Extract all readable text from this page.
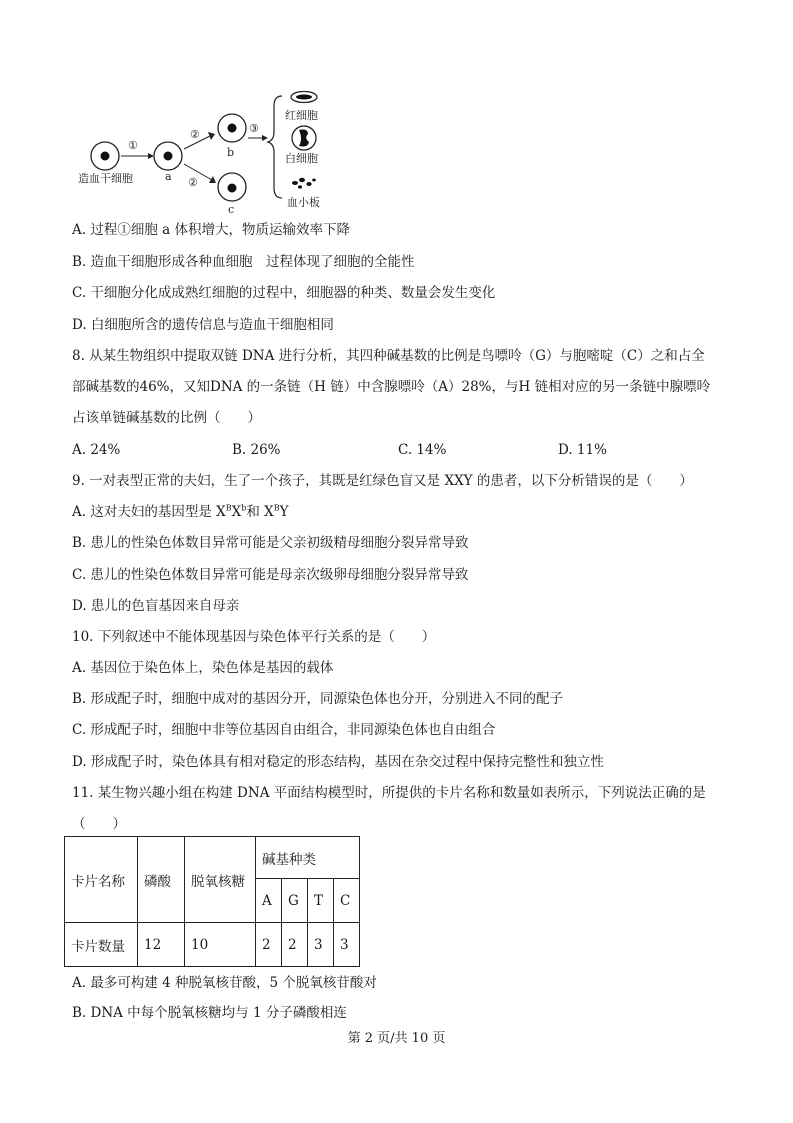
造血干细胞
①
a
②
②
b
c
③
红细胞
白细胞
血小板
A. 过程①细胞 a 体积增大，物质运输效率下降
B. 造血干细胞形成各种血细胞　过程体现了细胞的全能性
C. 干细胞分化成成熟红细胞的过程中，细胞器的种类、数量会发生变化
D. 白细胞所含的遗传信息与造血干细胞相同
8. 从某生物组织中提取双链 DNA 进行分析，其四种碱基数的比例是鸟嘌呤（G）与胞嘧啶（C）之和占全
部碱基数的46%，又知DNA 的一条链（H 链）中含腺嘌呤（A）28%，与H 链相对应的另一条链中腺嘌呤
占该单链碱基数的比例（　　）
A. 24%	B. 26%	C. 14%	D. 11%
9. 一对表型正常的夫妇，生了一个孩子，其既是红绿色盲又是 XXY 的患者，以下分析错误的是（　　）
A. 这对夫妇的基因型是 $X^BX^b$和 $X^BY$
B. 患儿的性染色体数目异常可能是父亲初级精母细胞分裂异常导致
C. 患儿的性染色体数目异常可能是母亲次级卵母细胞分裂异常导致
D. 患儿的色盲基因来自母亲
10. 下列叙述中不能体现基因与染色体平行关系的是（　　）
A. 基因位于染色体上，染色体是基因的载体
B. 形成配子时，细胞中成对的基因分开，同源染色体也分开，分别进入不同的配子
C. 形成配子时，细胞中非等位基因自由组合，非同源染色体也自由组合
D. 形成配子时，染色体具有相对稳定的形态结构，基因在杂交过程中保持完整性和独立性
11. 某生物兴趣小组在构建 DNA 平面结构模型时，所提供的卡片名称和数量如表所示，下列说法正确的是
（　　）
卡片名称	磷酸	脱氧核糖	碱基种类			
			A	G	T	C
卡片数量	12	10	2	2	3	3
A. 最多可构建 4 种脱氧核苷酸，5 个脱氧核苷酸对
B. DNA 中每个脱氧核糖均与 1 分子磷酸相连
第 2 页/共 10 页
